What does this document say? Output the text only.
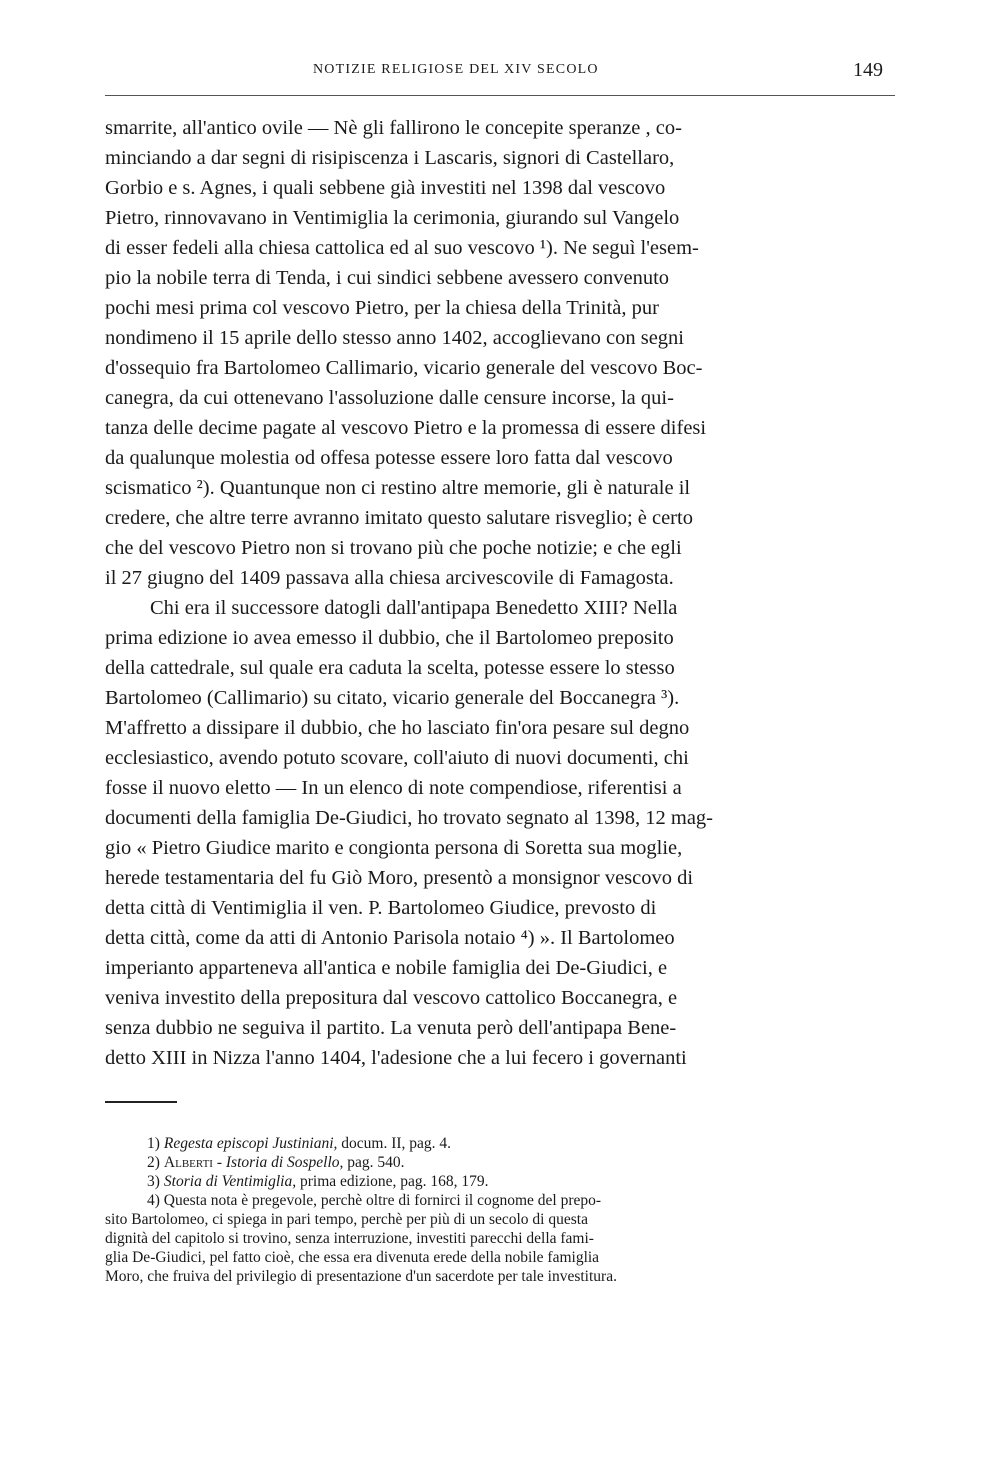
NOTIZIE RELIGIOSE DEL XIV SECOLO	149
smarrite, all'antico ovile — Nè gli fallirono le concepite speranze , co-
minciando a dar segni di risipiscenza i Lascaris, signori di Castellaro,
Gorbio e s. Agnes, i quali sebbene già investiti nel 1398 dal vescovo
Pietro, rinnovavano in Ventimiglia la cerimonia, giurando sul Vangelo
di esser fedeli alla chiesa cattolica ed al suo vescovo ¹). Ne seguì l'esem-
pio la nobile terra di Tenda, i cui sindici sebbene avessero convenuto
pochi mesi prima col vescovo Pietro, per la chiesa della Trinità, pur
nondimeno il 15 aprile dello stesso anno 1402, accoglievano con segni
d'ossequio fra Bartolomeo Callimario, vicario generale del vescovo Boc-
canegra, da cui ottenevano l'assoluzione dalle censure incorse, la qui-
tanza delle decime pagate al vescovo Pietro e la promessa di essere difesi
da qualunque molestia od offesa potesse essere loro fatta dal vescovo
scismatico ²). Quantunque non ci restino altre memorie, gli è naturale il
credere, che altre terre avranno imitato questo salutare risveglio; è certo
che del vescovo Pietro non si trovano più che poche notizie; e che egli
il 27 giugno del 1409 passava alla chiesa arcivescovile di Famagosta.
Chi era il successore datogli dall'antipapa Benedetto XIII? Nella
prima edizione io avea emesso il dubbio, che il Bartolomeo preposito
della cattedrale, sul quale era caduta la scelta, potesse essere lo stesso
Bartolomeo (Callimario) su citato, vicario generale del Boccanegra ³).
M'affretto a dissipare il dubbio, che ho lasciato fin'ora pesare sul degno
ecclesiastico, avendo potuto scovare, coll'aiuto di nuovi documenti, chi
fosse il nuovo eletto — In un elenco di note compendiose, riferentisi a
documenti della famiglia De-Giudici, ho trovato segnato al 1398, 12 mag-
gio « Pietro Giudice marito e congionta persona di Soretta sua moglie,
herede testamentaria del fu Giò Moro, presentò a monsignor vescovo di
detta città di Ventimiglia il ven. P. Bartolomeo Giudice, prevosto di
detta città, come da atti di Antonio Parisola notaio ⁴) ». Il Bartolomeo
imperianto apparteneva all'antica e nobile famiglia dei De-Giudici, e
veniva investito della prepositura dal vescovo cattolico Boccanegra, e
senza dubbio ne seguiva il partito. La venuta però dell'antipapa Bene-
detto XIII in Nizza l'anno 1404, l'adesione che a lui fecero i governanti
1) Regesta episcopi Justiniani, docum. II, pag. 4.
2) Alberti - Istoria di Sospello, pag. 540.
3) Storia di Ventimiglia, prima edizione, pag. 168, 179.
4) Questa nota è pregevole, perchè oltre di fornirci il cognome del prepo-
sito Bartolomeo, ci spiega in pari tempo, perchè per più di un secolo di questa
dignità del capitolo si trovino, senza interruzione, investiti parecchi della fami-
glia De-Giudici, pel fatto cioè, che essa era divenuta erede della nobile famiglia
Moro, che fruiva del privilegio di presentazione d'un sacerdote per tale investitura.
